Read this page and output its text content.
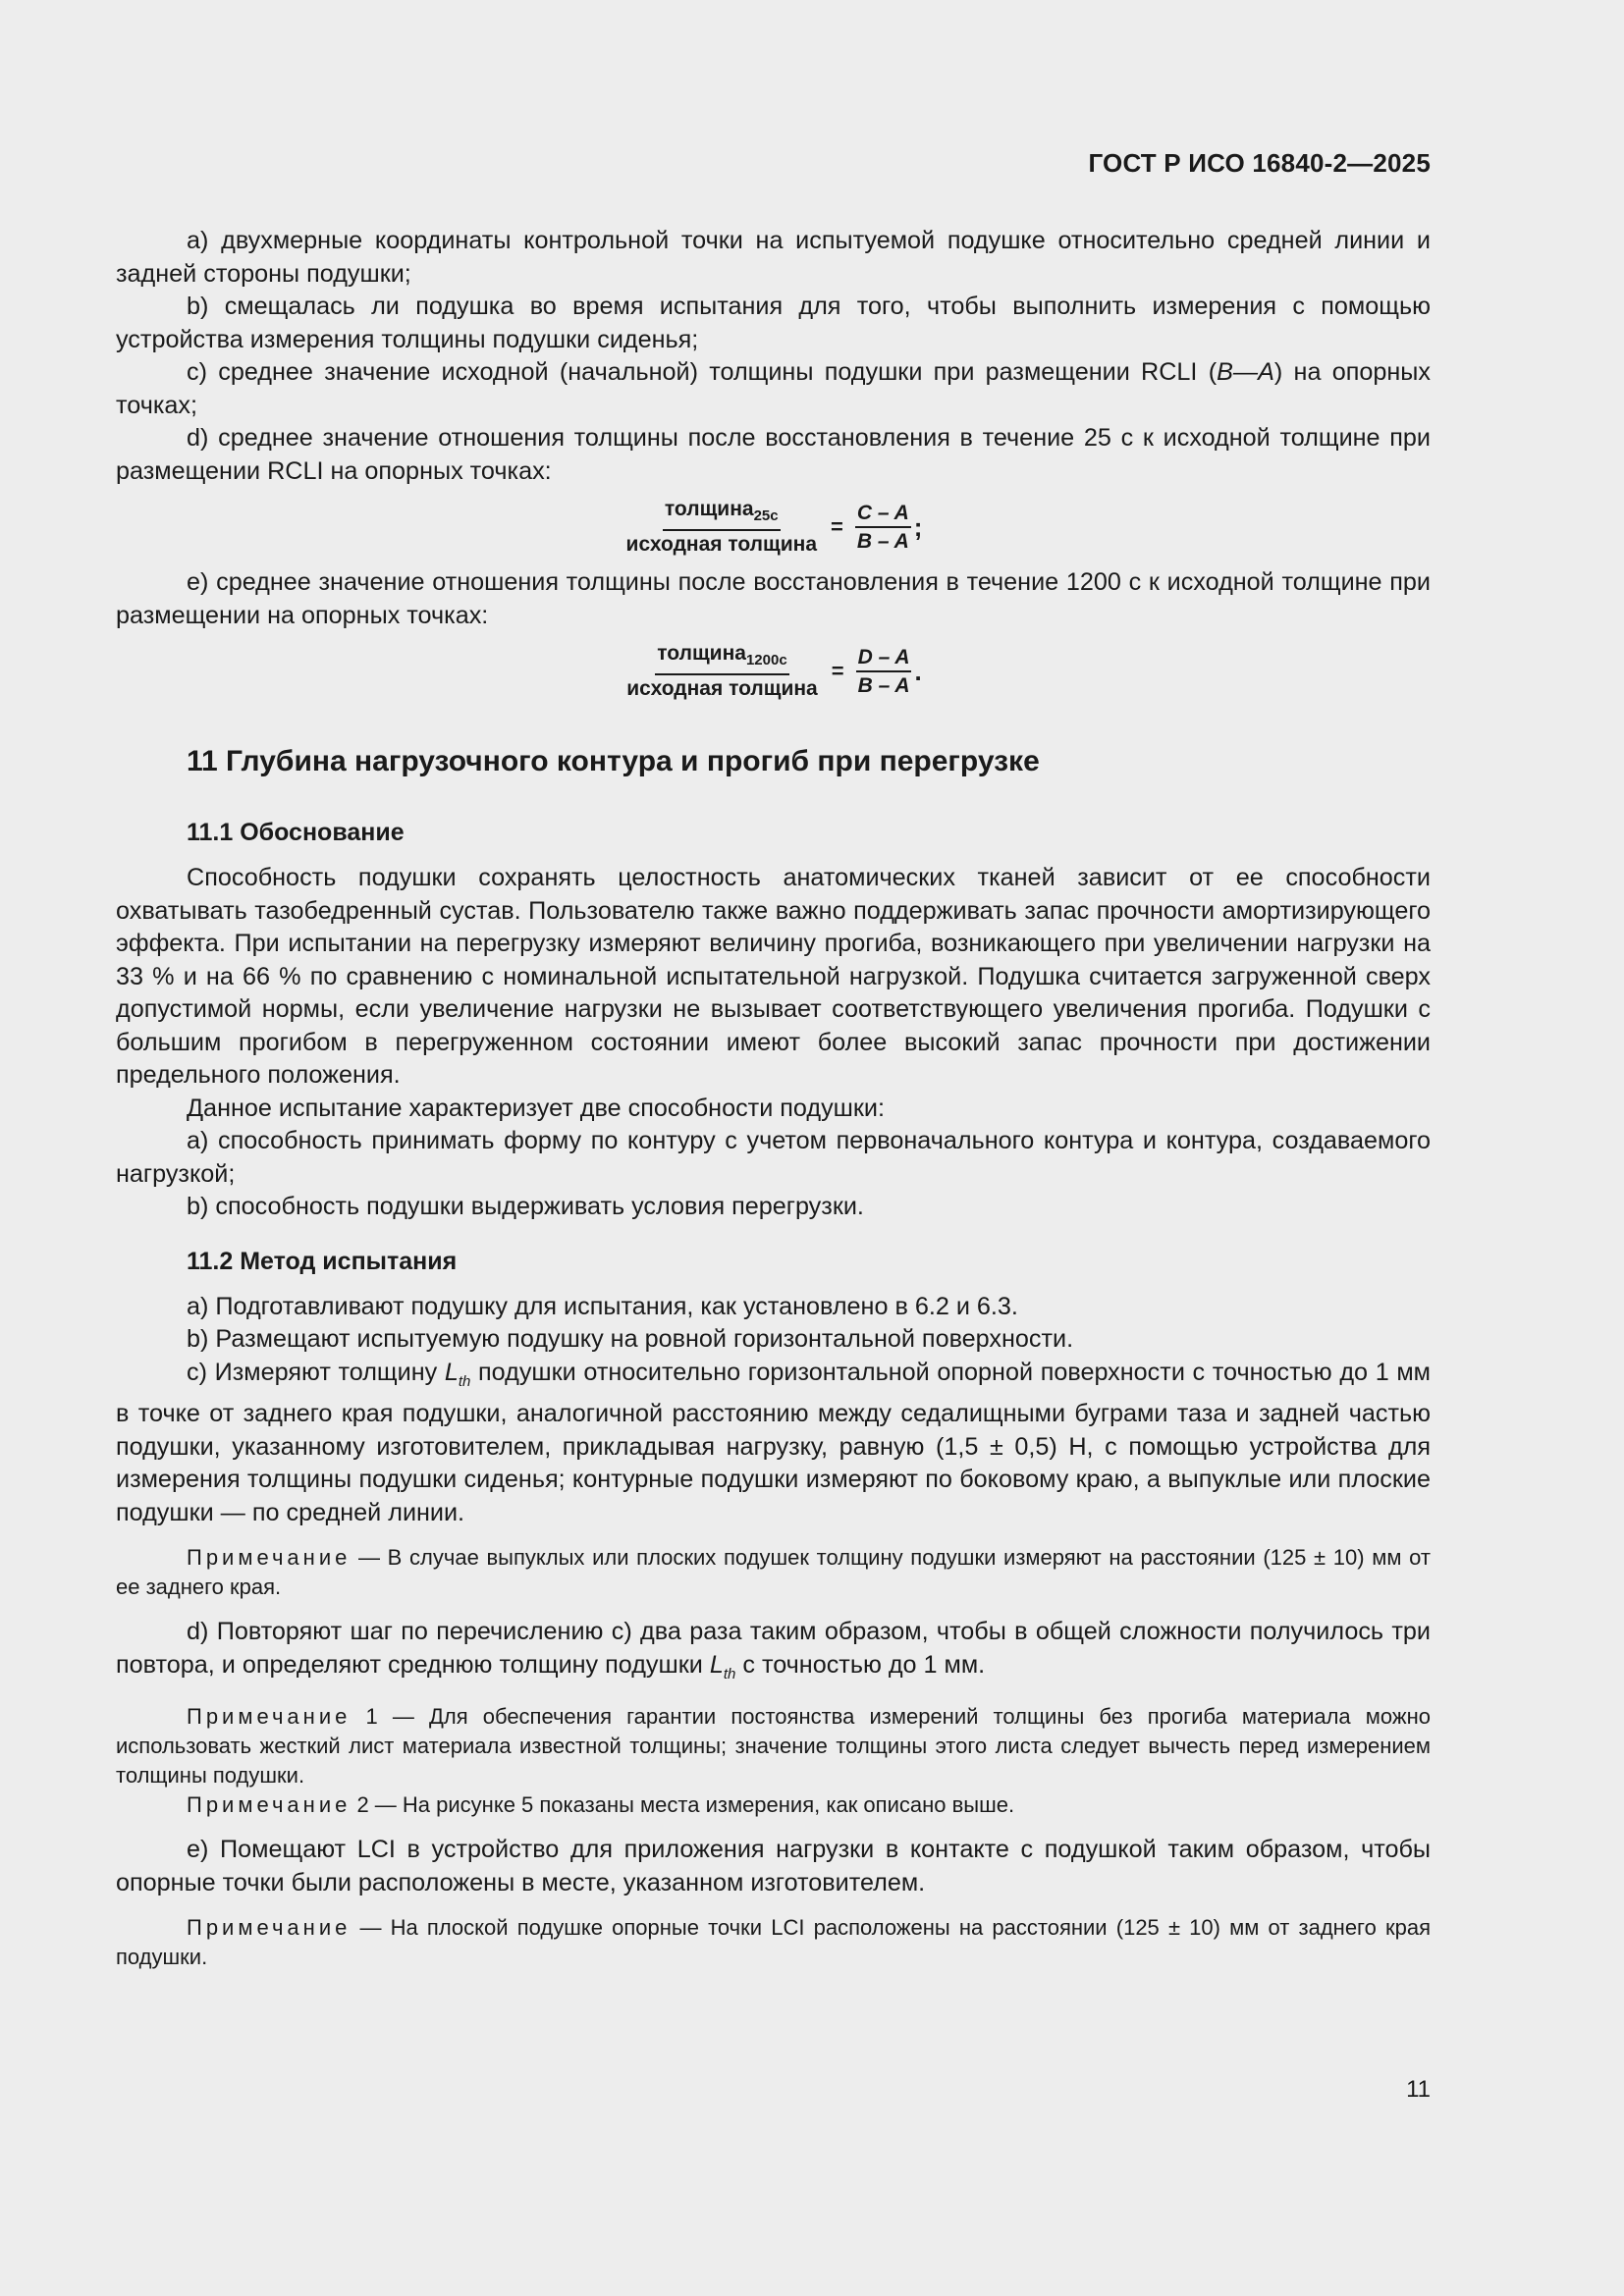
ГОСТ Р ИСО 16840-2—2025

а) двухмерные координаты контрольной точки на испытуемой подушке относительно средней линии и задней стороны подушки;

b) смещалась ли подушка во время испытания для того, чтобы выполнить измерения с помощью устройства измерения толщины подушки сиденья;

c) среднее значение исходной (начальной) толщины подушки при размещении RCLI (B—A) на опорных точках;

d) среднее значение отношения толщины после восстановления в течение 25 с к исходной толщине при размещении RCLI на опорных точках:

$\frac{толщина_{25с}}{\text{исходная толщина}} = \frac{C - A}{B - A}$ ;

е) среднее значение отношения толщины после восстановления в течение 1200 с к исходной толщине при размещении на опорных точках:

$\frac{толщина_{1200с}}{\text{исходная толщина}} = \frac{D - A}{B - A}$ .
11 Глубина нагрузочного контура и прогиб при перегрузке
11.1 Обоснование

Способность подушки сохранять целостность анатомических тканей зависит от ее способности охватывать тазобедренный сустав. Пользователю также важно поддерживать запас прочности амортизирующего эффекта. При испытании на перегрузку измеряют величину прогиба, возникающего при увеличении нагрузки на 33 % и на 66 % по сравнению с номинальной испытательной нагрузкой. Подушка считается загруженной сверх допустимой нормы, если увеличение нагрузки не вызывает соответствующего увеличения прогиба. Подушки с большим прогибом в перегруженном состоянии имеют более высокий запас прочности при достижении предельного положения.

Данное испытание характеризует две способности подушки:

а) способность принимать форму по контуру с учетом первоначального контура и контура, создаваемого нагрузкой;

b) способность подушки выдерживать условия перегрузки.

11.2 Метод испытания

а) Подготавливают подушку для испытания, как установлено в 6.2 и 6.3.

b) Размещают испытуемую подушку на ровной горизонтальной поверхности.

c) Измеряют толщину $L_{th}$ подушки относительно горизонтальной опорной поверхности с точностью до 1 мм в точке от заднего края подушки, аналогичной расстоянию между седалищными буграми таза и задней частью подушки, указанному изготовителем, прикладывая нагрузку, равную (1,5 ± 0,5) Н, с помощью устройства для измерения толщины подушки сиденья; контурные подушки измеряют по боковому краю, а выпуклые или плоские подушки — по средней линии.

Примечание — В случае выпуклых или плоских подушек толщину подушки измеряют на расстоянии (125 ± 10) мм от ее заднего края.

d) Повторяют шаг по перечислению c) два раза таким образом, чтобы в общей сложности получилось три повтора, и определяют среднюю толщину подушки $L_{th}$ с точностью до 1 мм.

Примечание 1 — Для обеспечения гарантии постоянства измерений толщины без прогиба материала можно использовать жесткий лист материала известной толщины; значение толщины этого листа следует вычесть перед измерением толщины подушки.

Примечание 2 — На рисунке 5 показаны места измерения, как описано выше.

е) Помещают LCI в устройство для приложения нагрузки в контакте с подушкой таким образом, чтобы опорные точки были расположены в месте, указанном изготовителем.

Примечание — На плоской подушке опорные точки LCI расположены на расстоянии (125 ± 10) мм от заднего края подушки.

11
